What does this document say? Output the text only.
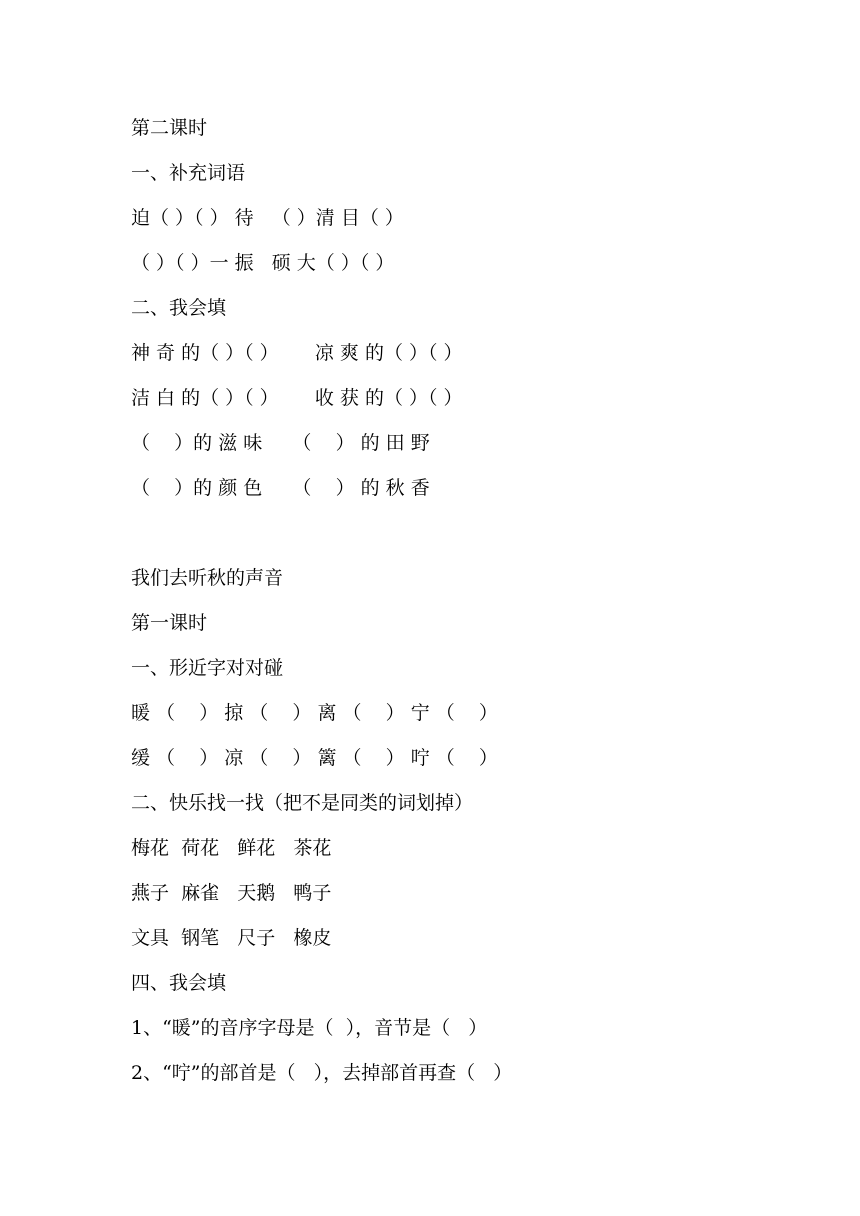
第二课时

一、补充词语

迫（ ）（ ） 待   （ ）清 目（ ）

（ ）（ ）一 振   硕 大（ ）（ ）

二、我会填

神 奇 的（ ）（ ）      凉 爽 的（ ）（ ）

洁 白 的（ ）（ ）      收 获 的（ ）（ ）

（    ）的 滋 味     （    ） 的 田 野

（    ）的 颜 色     （    ） 的 秋 香

我们去听秋的声音

第一课时

一、形近字对对碰

暖 （    ） 掠 （    ） 离 （    ） 宁 （    ）

缓 （    ） 凉 （    ） 篱 （    ） 咛 （    ）

二、快乐找一找（把不是同类的词划掉）

梅花  荷花   鲜花   茶花

燕子  麻雀   天鹅   鸭子

文具  钢笔   尺子   橡皮

四、我会填

1、“暖”的音序字母是（  ），音节是（   ）

2、“咛”的部首是（   ），去掉部首再查（   ）
